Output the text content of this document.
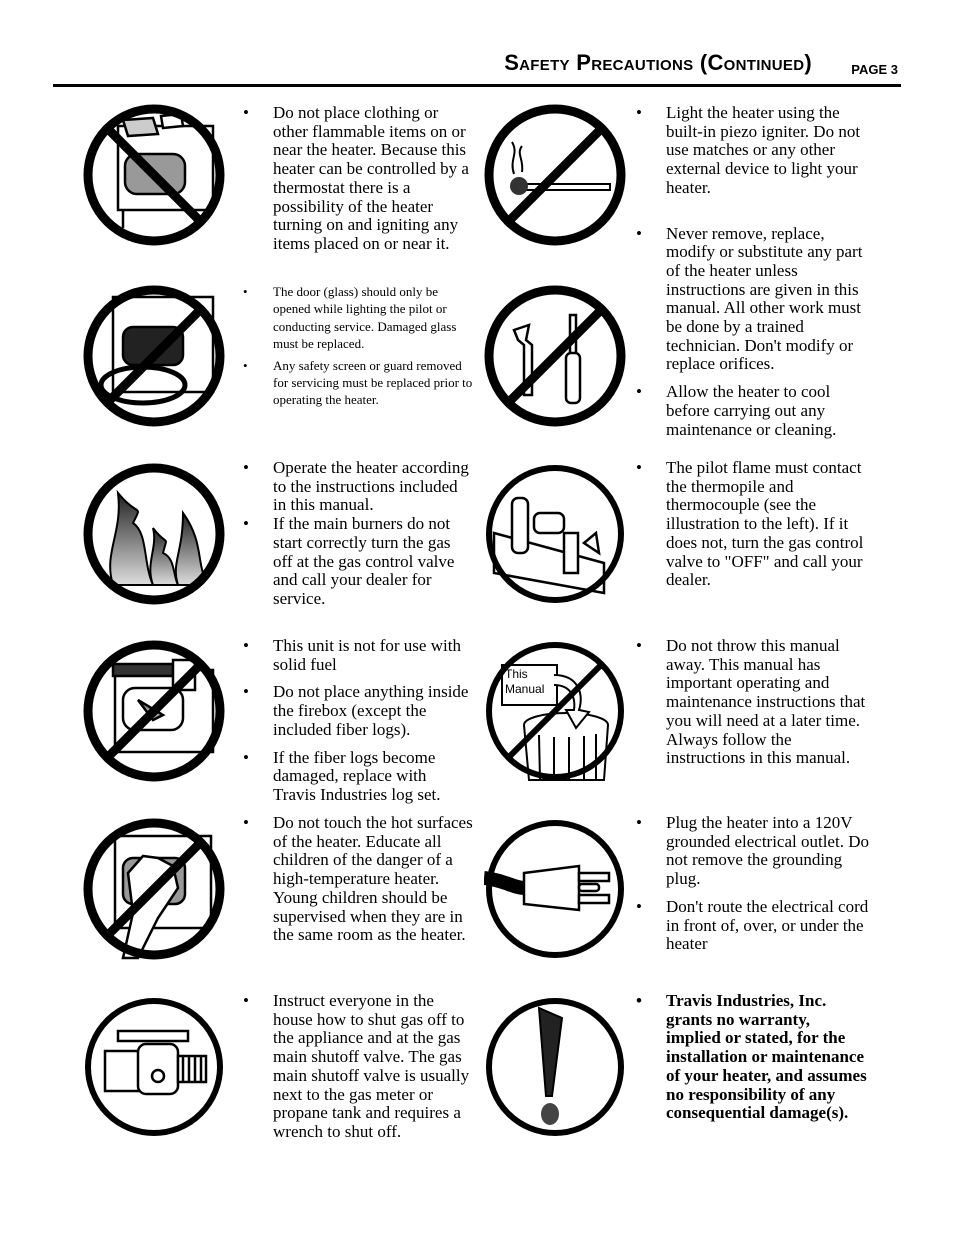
Safety Precautions (Continued)	PAGE 3
This
Manual
• Do not place clothing or other flammable items on or near the heater. Because this heater can be controlled by a thermostat there is a possibility of the heater turning on and igniting any items placed on or near it.
• The door (glass) should only be opened while lighting the pilot or conducting service. Damaged glass must be replaced.
• Any safety screen or guard removed for servicing must be replaced prior to operating the heater.
• Operate the heater according to the instructions included in this manual.
• If the main burners do not start correctly turn the gas off at the gas control valve and call your dealer for service.
• This unit is not for use with solid fuel
• Do not place anything inside the firebox (except the included fiber logs).
• If the fiber logs become damaged, replace with Travis Industries log set.
• Do not touch the hot surfaces of the heater. Educate all children of the danger of a high-temperature heater. Young children should be supervised when they are in the same room as the heater.
• Instruct everyone in the house how to shut gas off to the appliance and at the gas main shutoff valve. The gas main shutoff valve is usually next to the gas meter or propane tank and requires a wrench to shut off.
• Light the heater using the built-in piezo igniter. Do not use matches or any other external device to light your heater.
• Never remove, replace, modify or substitute any part of the heater unless instructions are given in this manual. All other work must be done by a trained technician. Don't modify or replace orifices.
• Allow the heater to cool before carrying out any maintenance or cleaning.
• The pilot flame must contact the thermopile and thermocouple (see the illustration to the left). If it does not, turn the gas control valve to "OFF" and call your dealer.
• Do not throw this manual away. This manual has important operating and maintenance instructions that you will need at a later time. Always follow the instructions in this manual.
• Plug the heater into a 120V grounded electrical outlet. Do not remove the grounding plug.
• Don't route the electrical cord in front of, over, or under the heater
• Travis Industries, Inc. grants no warranty, implied or stated, for the installation or maintenance of your heater, and assumes no responsibility of any consequential damage(s).
